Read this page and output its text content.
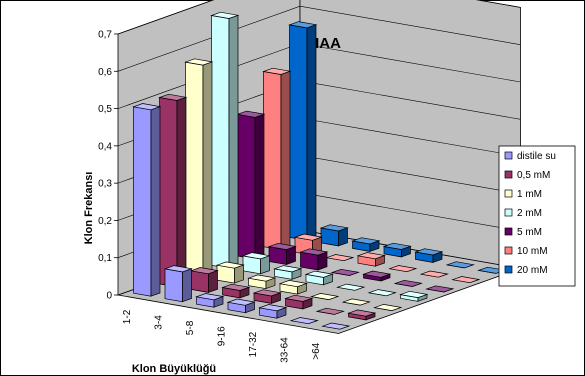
0
0,1
0,2
0,3
0,4
0,5
0,6
0,7
1-2 3-4 5-8 9-16 17-32 33-64 >64
IAA
Klon Frekansı
Klon Büyüklüğü
distile su
0,5 mM
1 mM
2 mM
5 mM
10 mM
20 mM
